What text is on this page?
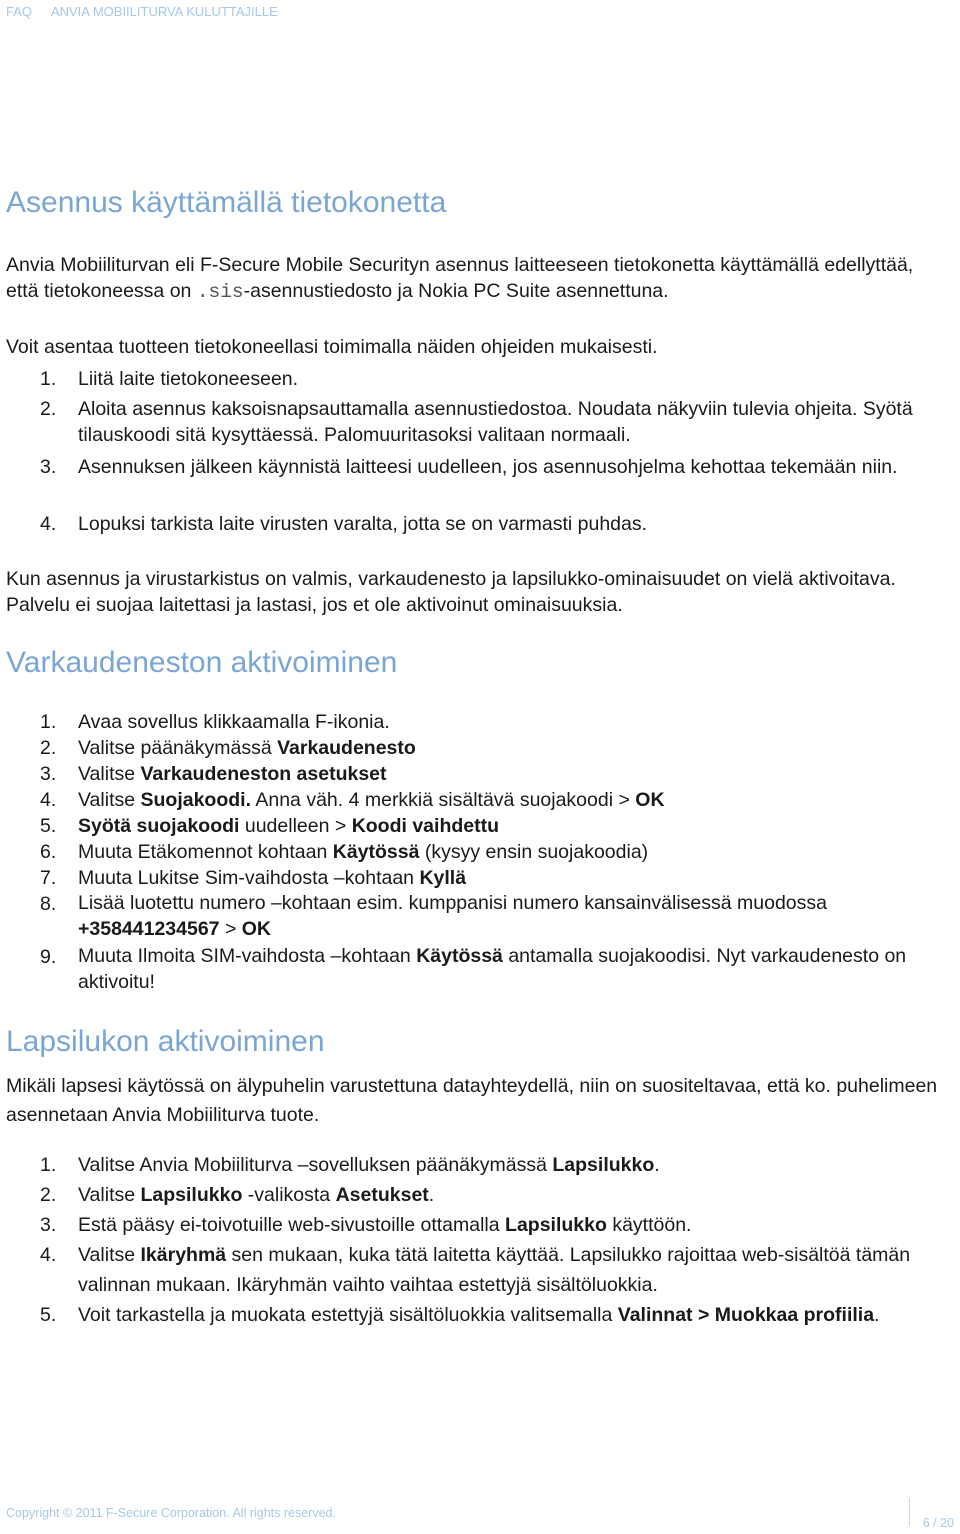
FAQ ANVIA MOBIILITURVA KULUTTAJILLE
Asennus käyttämällä tietokonetta

Anvia Mobiiliturvan eli F-Secure Mobile Securityn asennus laitteeseen tietokonetta käyttämällä edellyttää, että tietokoneessa on .sis-asennustiedosto ja Nokia PC Suite asennettuna.

Voit asentaa tuotteen tietokoneellasi toimimalla näiden ohjeiden mukaisesti.

1. Liitä laite tietokoneeseen.
2. Aloita asennus kaksoisnapsauttamalla asennustiedostoa. Noudata näkyviin tulevia ohjeita. Syötä tilauskoodi sitä kysyttäessä. Palomuuritasoksi valitaan normaali.
3. Asennuksen jälkeen käynnistä laitteesi uudelleen, jos asennusohjelma kehottaa tekemään niin.
4. Lopuksi tarkista laite virusten varalta, jotta se on varmasti puhdas.

Kun asennus ja virustarkistus on valmis, varkaudenesto ja lapsilukko-ominaisuudet on vielä aktivoitava. Palvelu ei suojaa laitettasi ja lastasi, jos et ole aktivoinut ominaisuuksia.

Varkaudeneston aktivoiminen
1. Avaa sovellus klikkaamalla F-ikonia.
2. Valitse päänäkymässä Varkaudenesto
3. Valitse Varkaudeneston asetukset
4. Valitse Suojakoodi. Anna väh. 4 merkkiä sisältävä suojakoodi > OK
5. Syötä suojakoodi uudelleen > Koodi vaihdettu
6. Muuta Etäkomennot kohtaan Käytössä (kysyy ensin suojakoodia)
7. Muuta Lukitse Sim-vaihdosta –kohtaan Kyllä
8. Lisää luotettu numero –kohtaan esim. kumppanisi numero kansainvälisessä muodossa +358441234567 > OK
9. Muuta Ilmoita SIM-vaihdosta –kohtaan Käytössä antamalla suojakoodisi. Nyt varkaudenesto on aktivoitu!
Lapsilukon aktivoiminen

Mikäli lapsesi käytössä on älypuhelin varustettuna datayhteydellä, niin on suositeltavaa, että ko. puhelimeen asennetaan Anvia Mobiiliturva tuote.

1. Valitse Anvia Mobiiliturva –sovelluksen päänäkymässä Lapsilukko.
2. Valitse Lapsilukko -valikosta Asetukset.
3. Estä pääsy ei-toivotuille web-sivustoille ottamalla Lapsilukko käyttöön.
4. Valitse Ikäryhmä sen mukaan, kuka tätä laitetta käyttää. Lapsilukko rajoittaa web-sisältöä tämän valinnan mukaan. Ikäryhmän vaihto vaihtaa estettyjä sisältöluokkia.
5. Voit tarkastella ja muokata estettyjä sisältöluokkia valitsemalla Valinnat > Muokkaa profiilia.
Copyright © 2011 F-Secure Corporation. All rights reserved.
6 / 20
